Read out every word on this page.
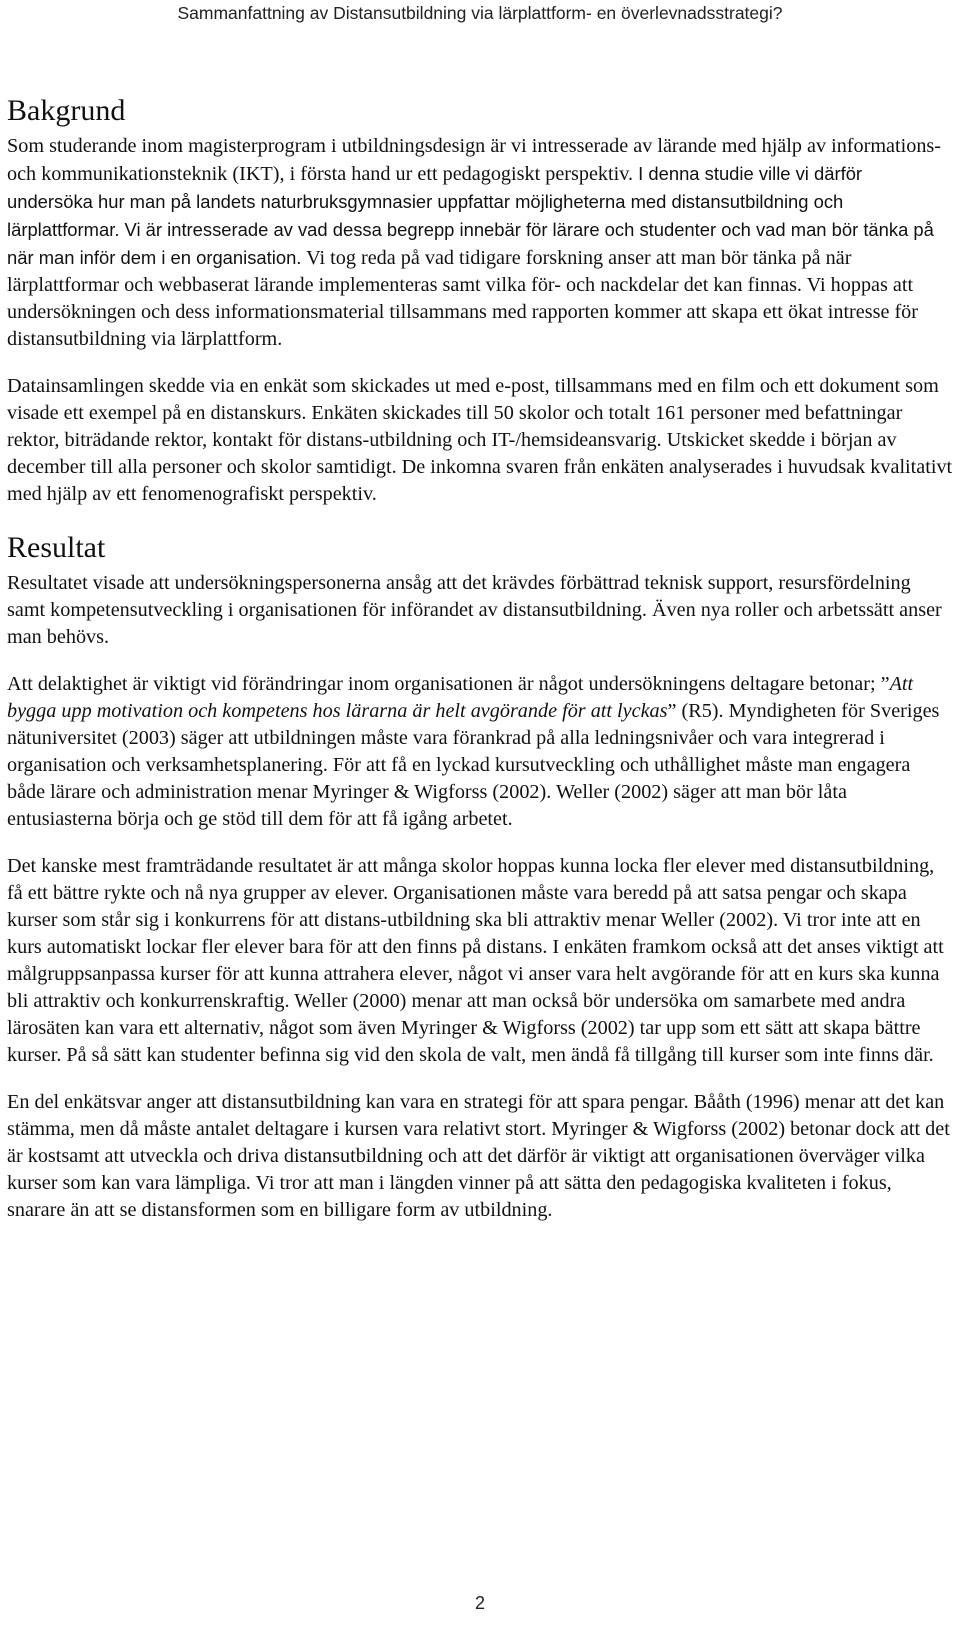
Sammanfattning av Distansutbildning via lärplattform- en överlevnadsstrategi?
Bakgrund

Som studerande inom magisterprogram i utbildningsdesign är vi intresserade av lärande med hjälp av informations- och kommunikationsteknik (IKT), i första hand ur ett pedagogiskt perspektiv. I denna studie ville vi därför undersöka hur man på landets naturbruksgymnasier uppfattar möjligheterna med distansutbildning och lärplattformar. Vi är intresserade av vad dessa begrepp innebär för lärare och studenter och vad man bör tänka på när man inför dem i en organisation. Vi tog reda på vad tidigare forskning anser att man bör tänka på när lärplattformar och webbaserat lärande implementeras samt vilka för- och nackdelar det kan finnas. Vi hoppas att undersökningen och dess informationsmaterial tillsammans med rapporten kommer att skapa ett ökat intresse för distansutbildning via lärplattform.

Datainsamlingen skedde via en enkät som skickades ut med e-post, tillsammans med en film och ett dokument som visade ett exempel på en distanskurs. Enkäten skickades till 50 skolor och totalt 161 personer med befattningar rektor, biträdande rektor, kontakt för distans-utbildning och IT-/hemsideansvarig. Utskicket skedde i början av december till alla personer och skolor samtidigt. De inkomna svaren från enkäten analyserades i huvudsak kvalitativt med hjälp av ett fenomenografiskt perspektiv.

Resultat

Resultatet visade att undersökningspersonerna ansåg att det krävdes förbättrad teknisk support, resursfördelning samt kompetensutveckling i organisationen för införandet av distansutbildning. Även nya roller och arbetssätt anser man behövs.

Att delaktighet är viktigt vid förändringar inom organisationen är något undersökningens deltagare betonar; ”Att bygga upp motivation och kompetens hos lärarna är helt avgörande för att lyckas” (R5). Myndigheten för Sveriges nätuniversitet (2003) säger att utbildningen måste vara förankrad på alla ledningsnivåer och vara integrerad i organisation och verksamhetsplanering. För att få en lyckad kursutveckling och uthållighet måste man engagera både lärare och administration menar Myringer & Wigforss (2002). Weller (2002) säger att man bör låta entusiasterna börja och ge stöd till dem för att få igång arbetet.

Det kanske mest framträdande resultatet är att många skolor hoppas kunna locka fler elever med distansutbildning, få ett bättre rykte och nå nya grupper av elever. Organisationen måste vara beredd på att satsa pengar och skapa kurser som står sig i konkurrens för att distans-utbildning ska bli attraktiv menar Weller (2002). Vi tror inte att en kurs automatiskt lockar fler elever bara för att den finns på distans. I enkäten framkom också att det anses viktigt att målgruppsanpassa kurser för att kunna attrahera elever, något vi anser vara helt avgörande för att en kurs ska kunna bli attraktiv och konkurrenskraftig. Weller (2000) menar att man också bör undersöka om samarbete med andra lärosäten kan vara ett alternativ, något som även Myringer & Wigforss (2002) tar upp som ett sätt att skapa bättre kurser. På så sätt kan studenter befinna sig vid den skola de valt, men ändå få tillgång till kurser som inte finns där.

En del enkätsvar anger att distansutbildning kan vara en strategi för att spara pengar. Bååth (1996) menar att det kan stämma, men då måste antalet deltagare i kursen vara relativt stort. Myringer & Wigforss (2002) betonar dock att det är kostsamt att utveckla och driva distansutbildning och att det därför är viktigt att organisationen överväger vilka kurser som kan vara lämpliga. Vi tror att man i längden vinner på att sätta den pedagogiska kvaliteten i fokus, snarare än att se distansformen som en billigare form av utbildning.

2
